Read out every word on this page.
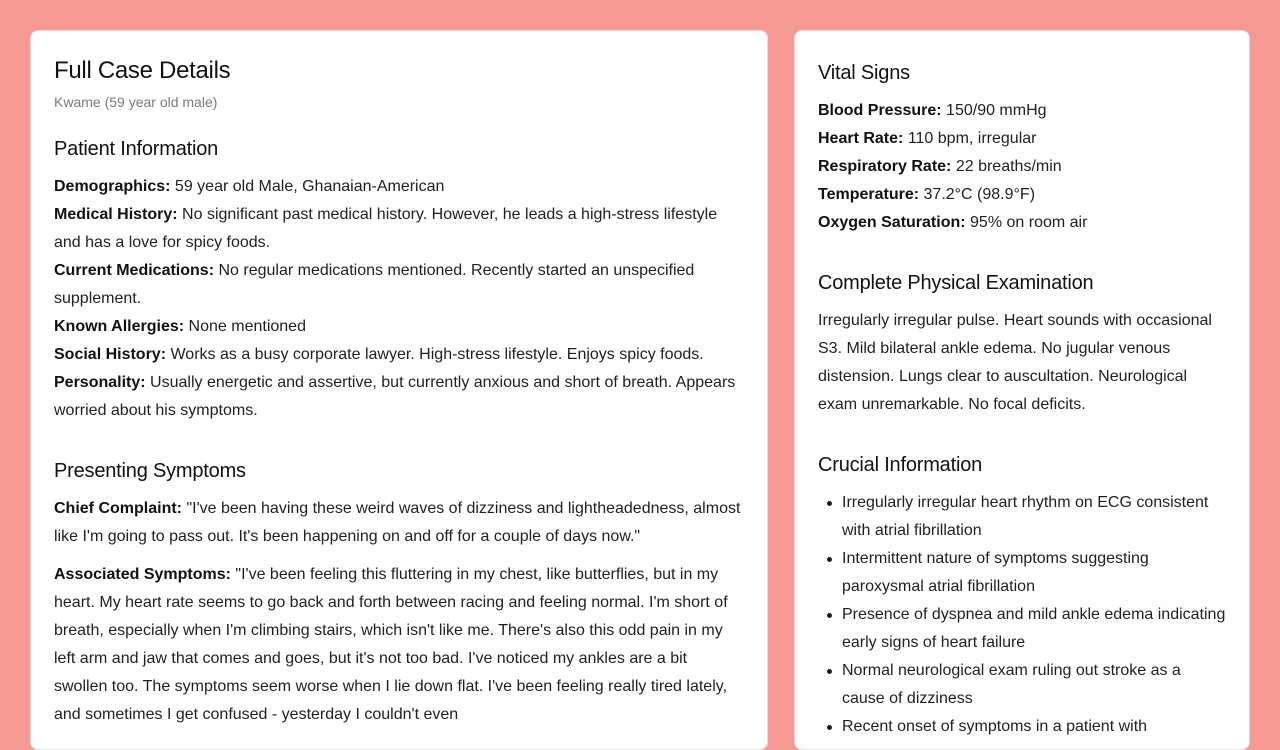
Full Case Details
Kwame (59 year old male)
Patient Information

Demographics: 59 year old Male, Ghanaian-American

Medical History: No significant past medical history. However, he leads a high-stress lifestyle and has a love for spicy foods.

Current Medications: No regular medications mentioned. Recently started an unspecified supplement.

Known Allergies: None mentioned

Social History: Works as a busy corporate lawyer. High-stress lifestyle. Enjoys spicy foods.

Personality: Usually energetic and assertive, but currently anxious and short of breath. Appears worried about his symptoms.

Presenting Symptoms

Chief Complaint: "I've been having these weird waves of dizziness and lightheadedness, almost like I'm going to pass out. It's been happening on and off for a couple of days now."

Associated Symptoms: "I've been feeling this fluttering in my chest, like butterflies, but in my heart. My heart rate seems to go back and forth between racing and feeling normal. I'm short of breath, especially when I'm climbing stairs, which isn't like me. There's also this odd pain in my left arm and jaw that comes and goes, but it's not too bad. I've noticed my ankles are a bit swollen too. The symptoms seem worse when I lie down flat. I've been feeling really tired lately, and sometimes I get confused - yesterday I couldn't even

Vital Signs

Blood Pressure: 150/90 mmHg

Heart Rate: 110 bpm, irregular

Respiratory Rate: 22 breaths/min

Temperature: 37.2°C (98.9°F)

Oxygen Saturation: 95% on room air

Complete Physical Examination

Irregularly irregular pulse. Heart sounds with occasional S3. Mild bilateral ankle edema. No jugular venous distension. Lungs clear to auscultation. Neurological exam unremarkable. No focal deficits.

Crucial Information
Irregularly irregular heart rhythm on ECG consistent with atrial fibrillation
Intermittent nature of symptoms suggesting paroxysmal atrial fibrillation
Presence of dyspnea and mild ankle edema indicating early signs of heart failure
Normal neurological exam ruling out stroke as a cause of dizziness
Recent onset of symptoms in a patient with
